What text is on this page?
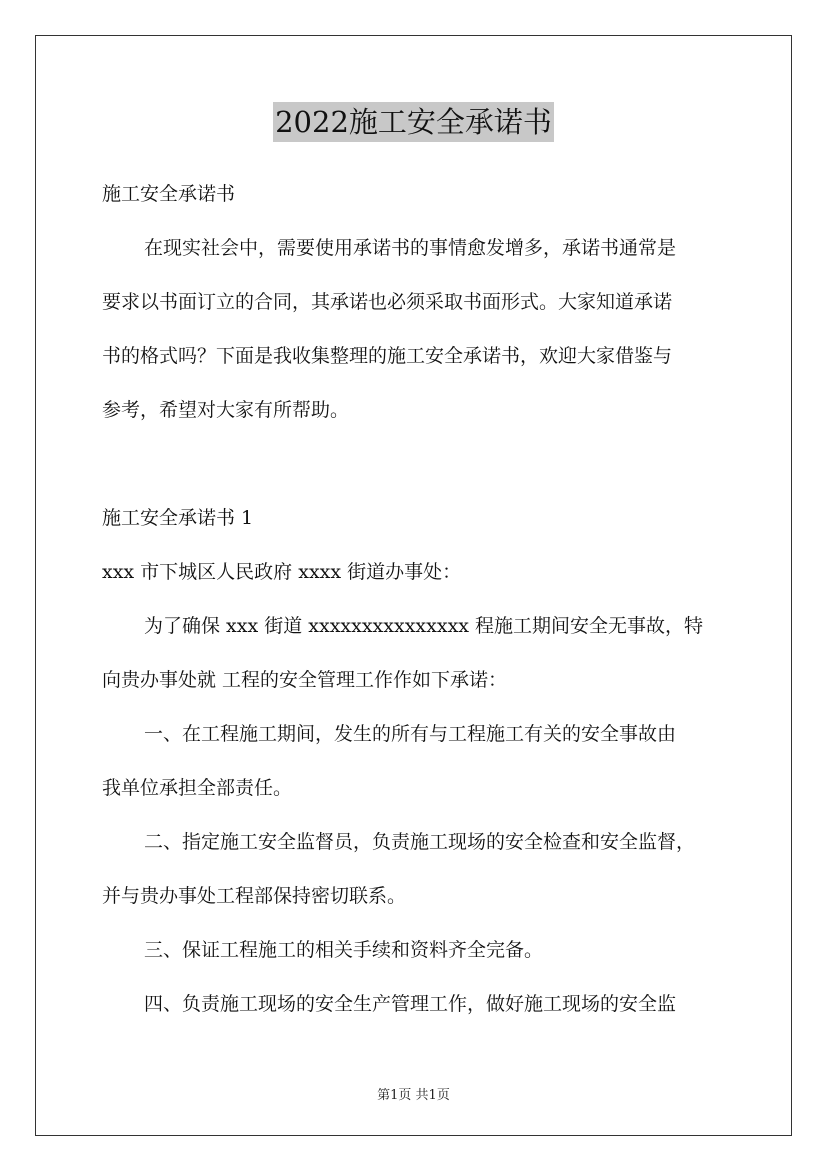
2022施工安全承诺书
施工安全承诺书
在现实社会中，需要使用承诺书的事情愈发增多，承诺书通常是
要求以书面订立的合同，其承诺也必须采取书面形式。大家知道承诺
书的格式吗？下面是我收集整理的施工安全承诺书，欢迎大家借鉴与
参考，希望对大家有所帮助。
施工安全承诺书 1
xxx 市下城区人民政府 xxxx 街道办事处：
为了确保 xxx 街道 xxxxxxxxxxxxxxx 程施工期间安全无事故，特
向贵办事处就 工程的安全管理工作作如下承诺：
一、在工程施工期间，发生的所有与工程施工有关的安全事故由
我单位承担全部责任。
二、指定施工安全监督员，负责施工现场的安全检查和安全监督，
并与贵办事处工程部保持密切联系。
三、保证工程施工的相关手续和资料齐全完备。
四、负责施工现场的安全生产管理工作，做好施工现场的安全监
第1页 共1页
